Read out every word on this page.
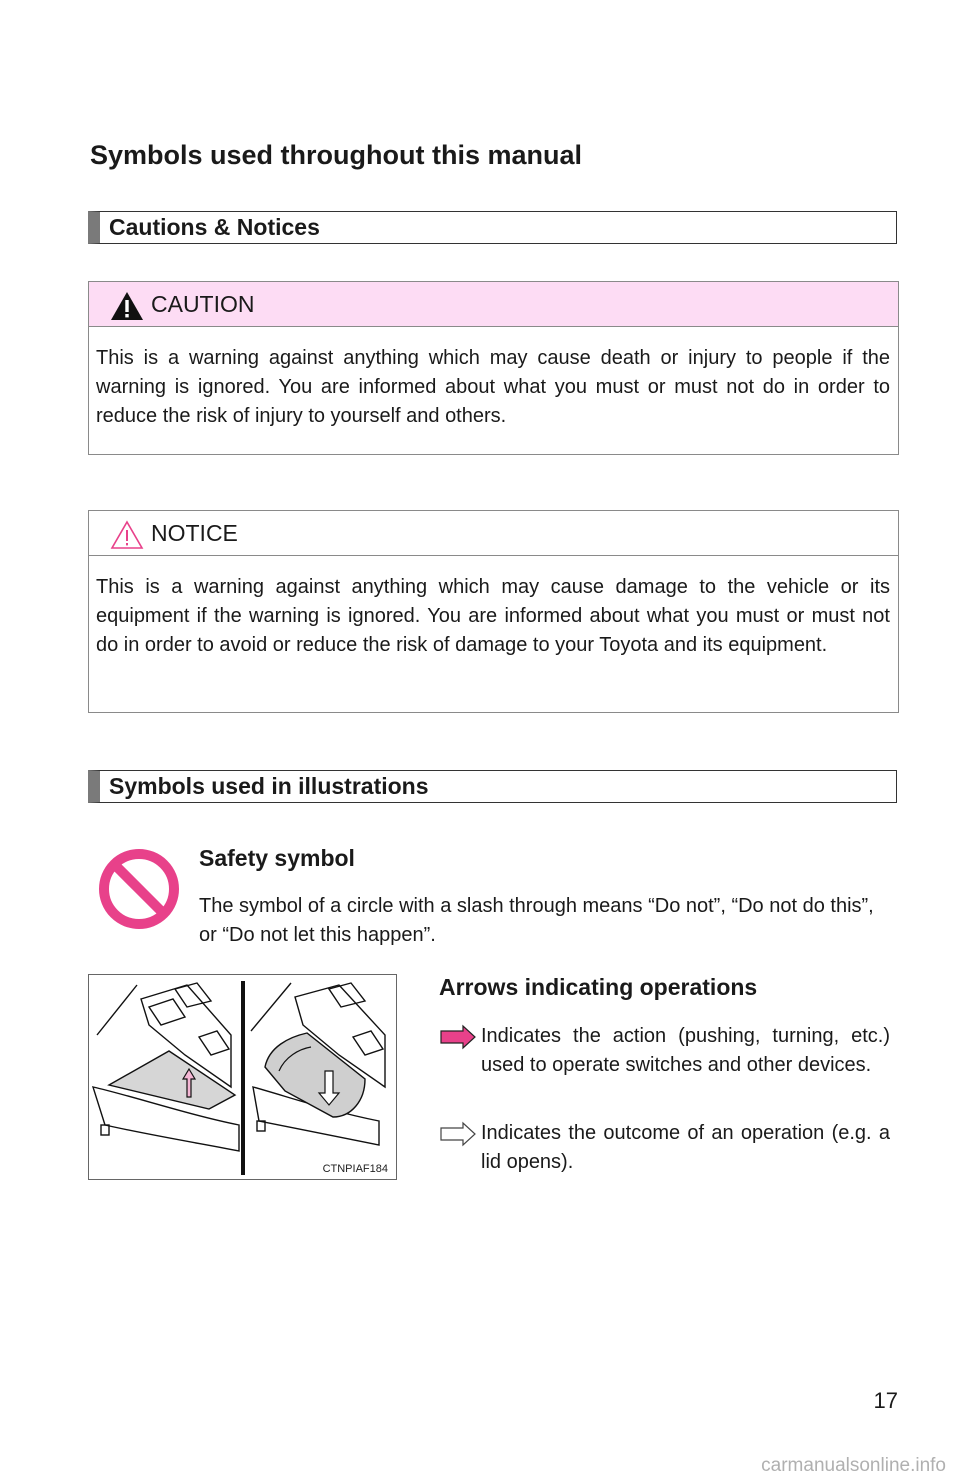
Symbols used throughout this manual
Cautions & Notices
CAUTION
This is a warning against anything which may cause death or injury to people if the warning is ignored. You are informed about what you must or must not do in order to reduce the risk of injury to yourself and others.
NOTICE
This is a warning against anything which may cause damage to the vehicle or its equipment if the warning is ignored. You are informed about what you must or must not do in order to avoid or reduce the risk of damage to your Toyota and its equipment.
Symbols used in illustrations
Safety symbol
The symbol of a circle with a slash through means “Do not”, “Do not do this”, or “Do not let this happen”.
CTNPIAF184
Arrows indicating operations
Indicates the action (pushing, turning, etc.) used to operate switches and other devices.
Indicates the outcome of an operation (e.g. a lid opens).
17
carmanualsonline.info
